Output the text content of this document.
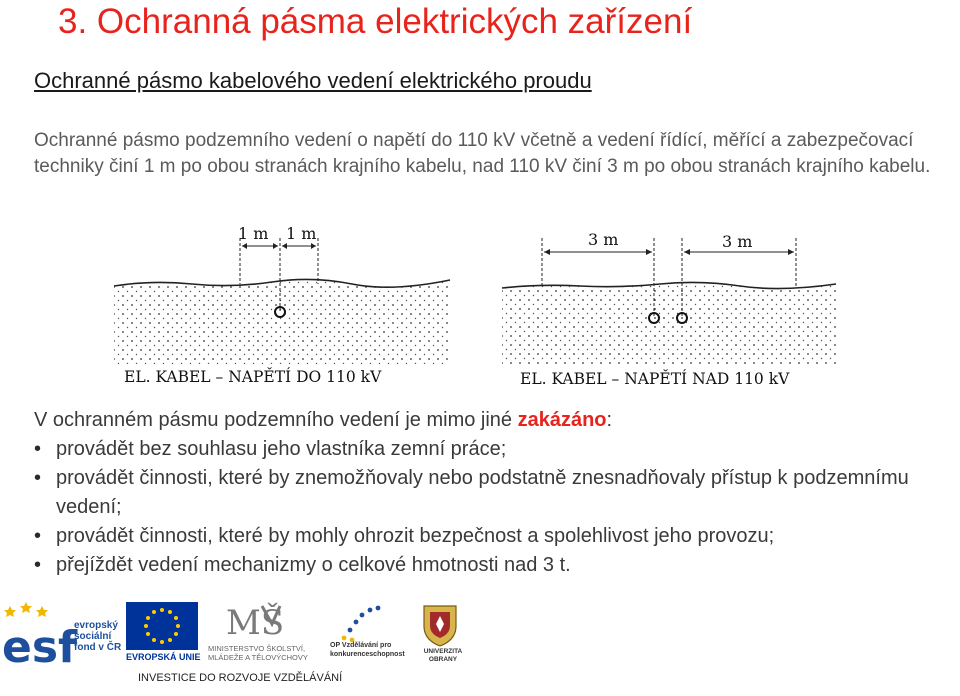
3. Ochranná pásma elektrických zařízení
Ochranné pásmo kabelového vedení elektrického proudu
Ochranné pásmo podzemního vedení o napětí do 110 kV včetně a vedení řídící, měřící a zabezpečovací techniky činí 1 m po obou stranách krajního kabelu, nad 110 kV činí 3 m po obou stranách krajního kabelu.
1 m 1 m
EL. KABEL – NAPĚTÍ DO 110 kV
3 m	3 m
EL. KABEL – NAPĚTÍ NAD 110 kV
V ochranném pásmu podzemního vedení je mimo jiné zakázáno:
• provádět bez souhlasu jeho vlastníka zemní práce;
• provádět činnosti, které by znemožňovaly nebo podstatně znesnadňovaly přístup k podzemnímu vedení;
• provádět činnosti, které by mohly ohrozit bezpečnost a spolehlivost jeho provozu;
• přejíždět vedení mechanizmy o celkové hmotnosti nad 3 t.
esf
evropský sociální fond v ČR
EVROPSKÁ UNIE
MŠ
MINISTERSTVO ŠKOLSTVÍ, MLÁDEŽE A TĚLOVÝCHOVY
OP Vzdělávání pro konkurenceschopnost	UNIVERZITA OBRANY
INVESTICE DO ROZVOJE VZDĚLÁVÁNÍ
